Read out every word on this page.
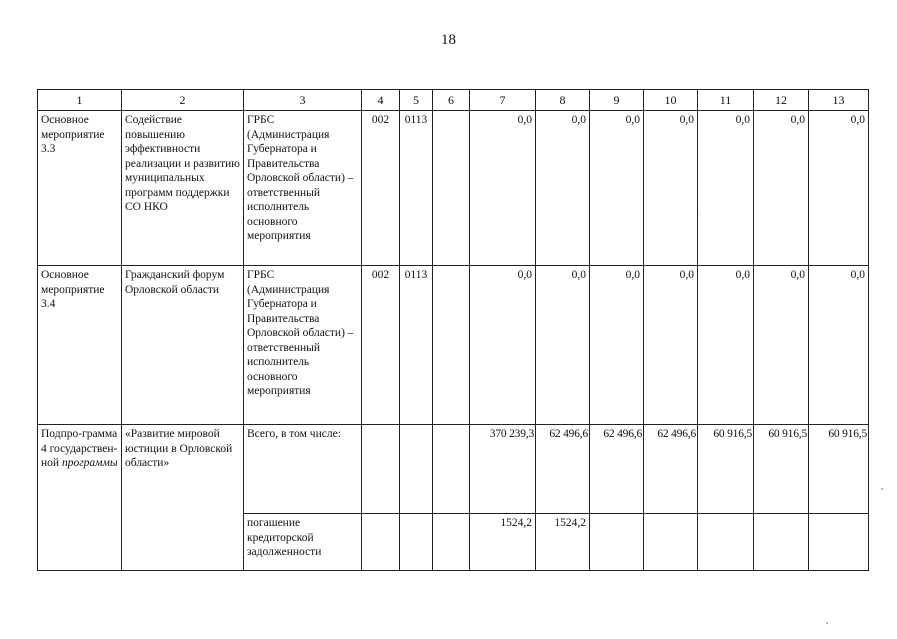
18
1	2	3	4	5	6	7	8	9	10	11	12	13
Основное мероприятие 3.3	Содействие повышению эффективности реализации и развитию муниципальных программ поддержки СО НКО	ГРБС (Администрация Губернатора и Правительства Орловской области) – ответственный исполнитель основного мероприятия	002	0113		0,0	0,0	0,0	0,0	0,0	0,0	0,0
Основное мероприятие 3.4	Гражданский форум Орловской области	ГРБС (Администрация Губернатора и Правительства Орловской области) – ответственный исполнитель основного мероприятия	002	0113		0,0	0,0	0,0	0,0	0,0	0,0	0,0
Подпро-грамма 4 государствен-ной программы	«Развитие мировой юстиции в Орловской области»	Всего, в том числе:				370 239,3	62 496,6	62 496,6	62 496,6	60 916,5	60 916,5	60 916,5
		погашение кредиторской задолженности				1524,2	1524,2					
